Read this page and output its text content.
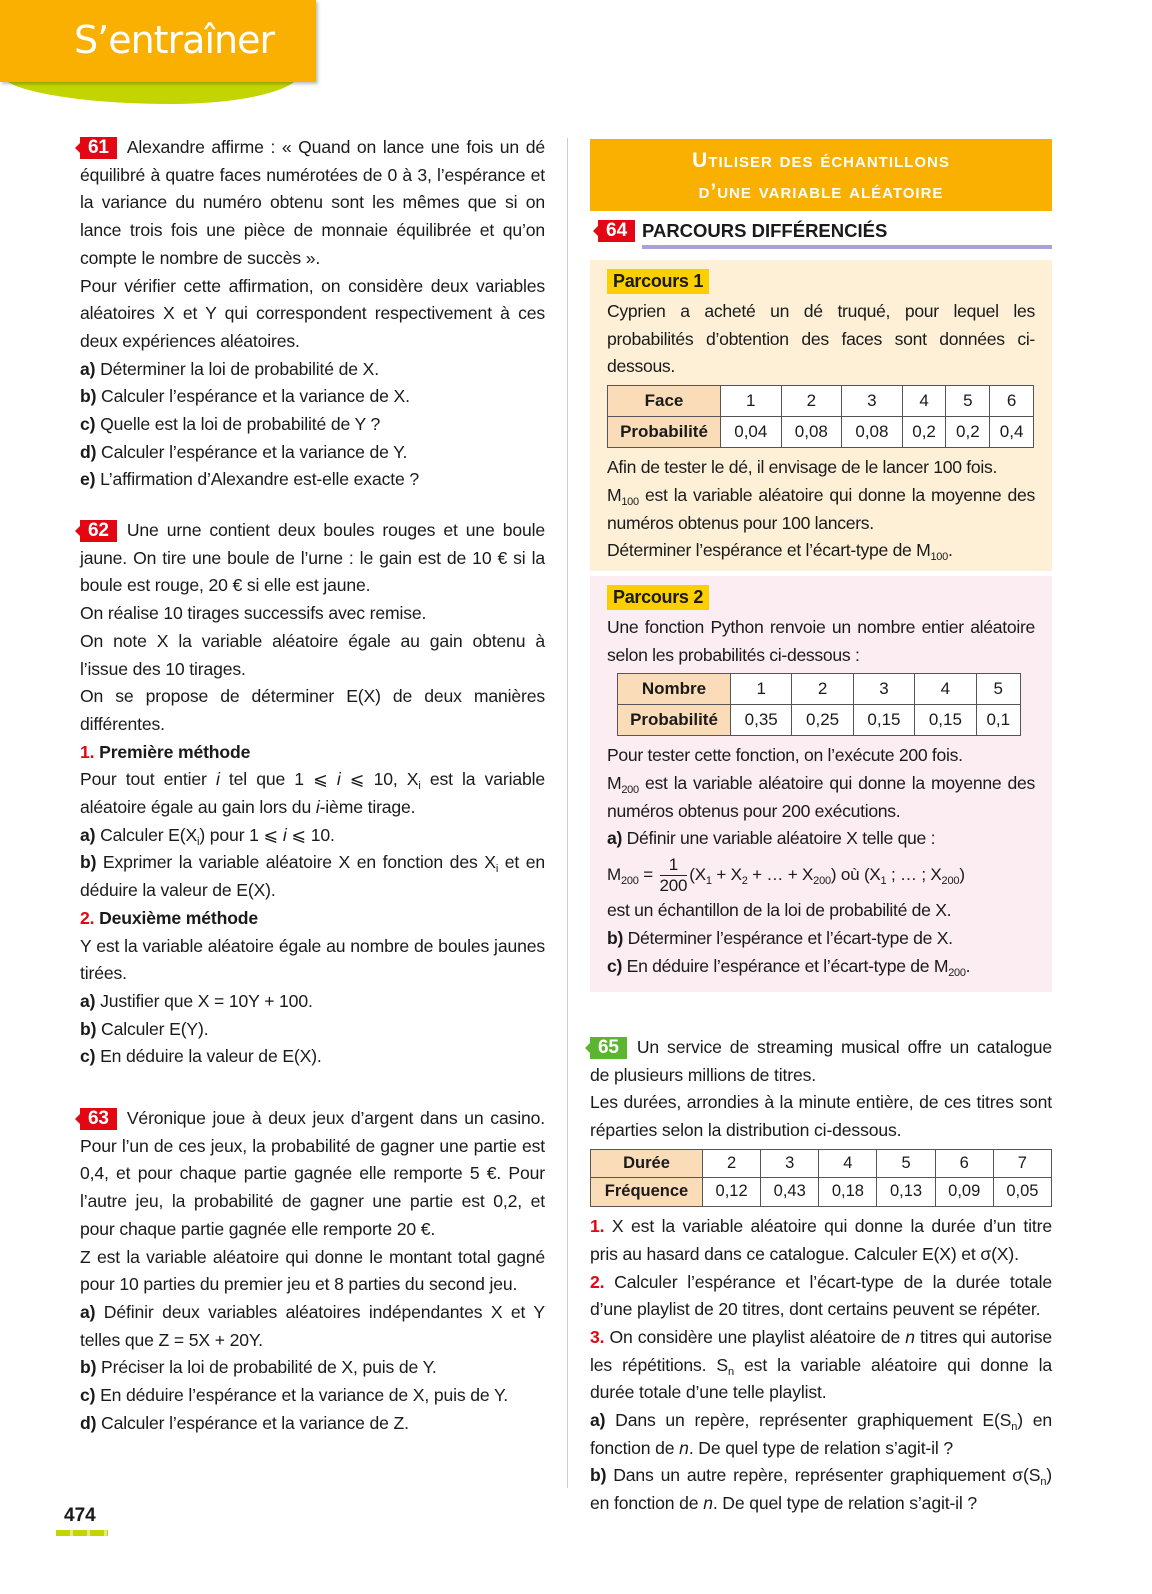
S’entraîner

61 Alexandre affirme : « Quand on lance une fois un dé équilibré à quatre faces numérotées de 0 à 3, l’espérance et la variance du numéro obtenu sont les mêmes que si on lance trois fois une pièce de monnaie équilibrée et qu’on compte le nombre de succès ».

Pour vérifier cette affirmation, on considère deux variables aléatoires X et Y qui correspondent respectivement à ces deux expériences aléatoires.

a) Déterminer la loi de probabilité de X.

b) Calculer l’espérance et la variance de X.

c) Quelle est la loi de probabilité de Y ?

d) Calculer l’espérance et la variance de Y.

e) L’affirmation d’Alexandre est-elle exacte ?

62 Une urne contient deux boules rouges et une boule jaune. On tire une boule de l’urne : le gain est de 10 € si la boule est rouge, 20 € si elle est jaune.

On réalise 10 tirages successifs avec remise.

On note X la variable aléatoire égale au gain obtenu à l’issue des 10 tirages.

On se propose de déterminer E(X) de deux manières différentes.

1. Première méthode

Pour tout entier i tel que 1 ⩽ i ⩽ 10, $X_i$ est la variable aléatoire égale au gain lors du i-ième tirage.

a) Calculer $E(X_i)$ pour 1 ⩽ i ⩽ 10.

b) Exprimer la variable aléatoire X en fonction des $X_i$ et en déduire la valeur de E(X).

2. Deuxième méthode

Y est la variable aléatoire égale au nombre de boules jaunes tirées.

a) Justifier que X = 10Y + 100.

b) Calculer E(Y).

c) En déduire la valeur de E(X).

63 Véronique joue à deux jeux d’argent dans un casino. Pour l’un de ces jeux, la probabilité de gagner une partie est 0,4, et pour chaque partie gagnée elle remporte 5 €. Pour l’autre jeu, la probabilité de gagner une partie est 0,2, et pour chaque partie gagnée elle remporte 20 €.

Z est la variable aléatoire qui donne le montant total gagné pour 10 parties du premier jeu et 8 parties du second jeu.

a) Définir deux variables aléatoires indépendantes X et Y telles que Z = 5X + 20Y.

b) Préciser la loi de probabilité de X, puis de Y.

c) En déduire l’espérance et la variance de X, puis de Y.

d) Calculer l’espérance et la variance de Z.

Utiliser des échantillons
d’une variable aléatoire
64 PARCOURS DIFFÉRENCIÉS
Parcours 1

Cyprien a acheté un dé truqué, pour lequel les probabilités d’obtention des faces sont données ci-dessous.

Face	1	2	3	4	5	6
Probabilité	0,04	0,08	0,08	0,2	0,2	0,4

Afin de tester le dé, il envisage de le lancer 100 fois.

$M_{100}$ est la variable aléatoire qui donne la moyenne des numéros obtenus pour 100 lancers.

Déterminer l’espérance et l’écart-type de $M_{100}$.

Parcours 2

Une fonction Python renvoie un nombre entier aléatoire selon les probabilités ci-dessous :

Nombre	1	2	3	4	5
Probabilité	0,35	0,25	0,15	0,15	0,1

Pour tester cette fonction, on l’exécute 200 fois.

$M_{200}$ est la variable aléatoire qui donne la moyenne des numéros obtenus pour 200 exécutions.

a) Définir une variable aléatoire X telle que :

$M_{200} = \frac{1}{200} (X_1 + X_2$ + … + $X_{200}$) où ($X_1$ ; … ; $X_{200}$)

est un échantillon de la loi de probabilité de X.

b) Déterminer l’espérance et l’écart-type de X.

c) En déduire l’espérance et l’écart-type de $M_{200}$.

65 Un service de streaming musical offre un catalogue de plusieurs millions de titres.

Les durées, arrondies à la minute entière, de ces titres sont réparties selon la distribution ci-dessous.

Durée	2	3	4	5	6	7
Fréquence	0,12	0,43	0,18	0,13	0,09	0,05

1. X est la variable aléatoire qui donne la durée d’un titre pris au hasard dans ce catalogue. Calculer E(X) et σ(X).

2. Calculer l’espérance et l’écart-type de la durée totale d’une playlist de 20 titres, dont certains peuvent se répéter.

3. On considère une playlist aléatoire de n titres qui autorise les répétitions. $S_n$ est la variable aléatoire qui donne la durée totale d’une telle playlist.

a) Dans un repère, représenter graphiquement $E(S_n)$ en fonction de n. De quel type de relation s’agit-il ?

b) Dans un autre repère, représenter graphiquement $\sigma(S_n)$ en fonction de n. De quel type de relation s’agit-il ?

474
